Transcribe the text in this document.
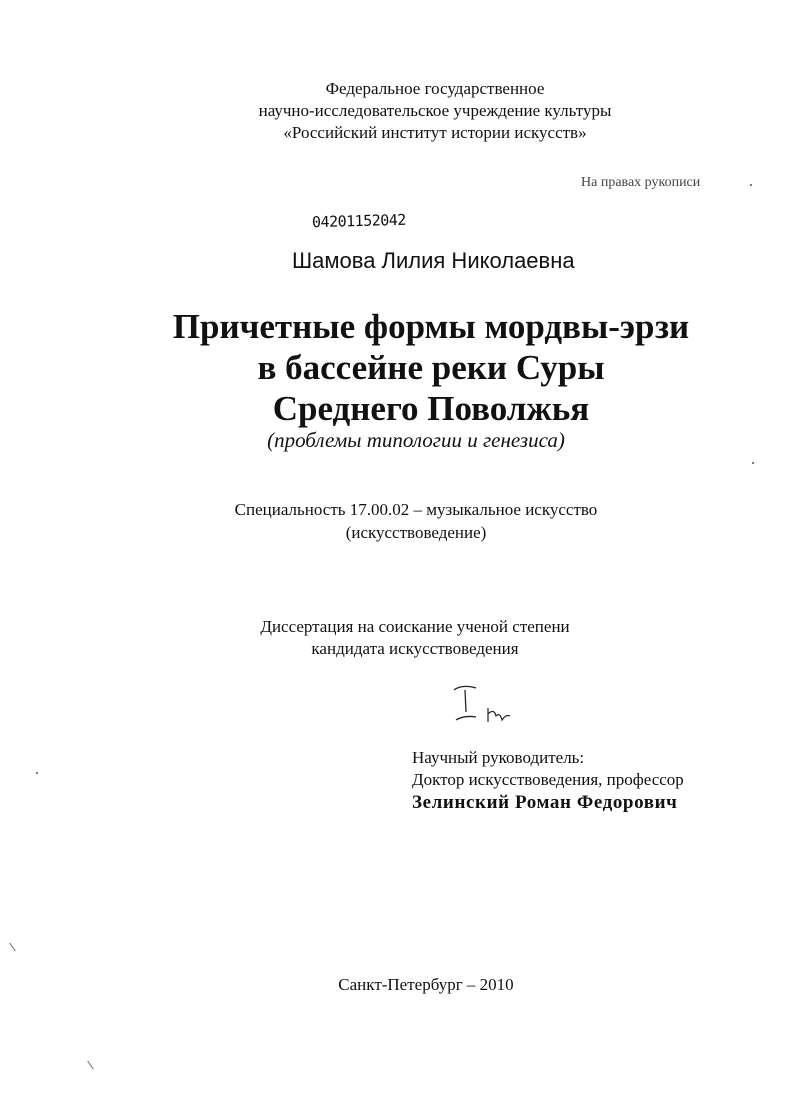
Федеральное государственное
научно-исследовательское учреждение культуры
«Российский институт истории искусств»
На правах рукописи
04201152042
Шамова Лилия Николаевна
Причетные формы мордвы-эрзи
в бассейне реки Суры
Среднего Поволжья
(проблемы типологии и генезиса)
Специальность 17.00.02 – музыкальное искусство
(искусствоведение)
Диссертация на соискание ученой степени
кандидата искусствоведения
Научный руководитель:
Доктор искусствоведения, профессор
Зелинский Роман Федорович
Санкт-Петербург – 2010
